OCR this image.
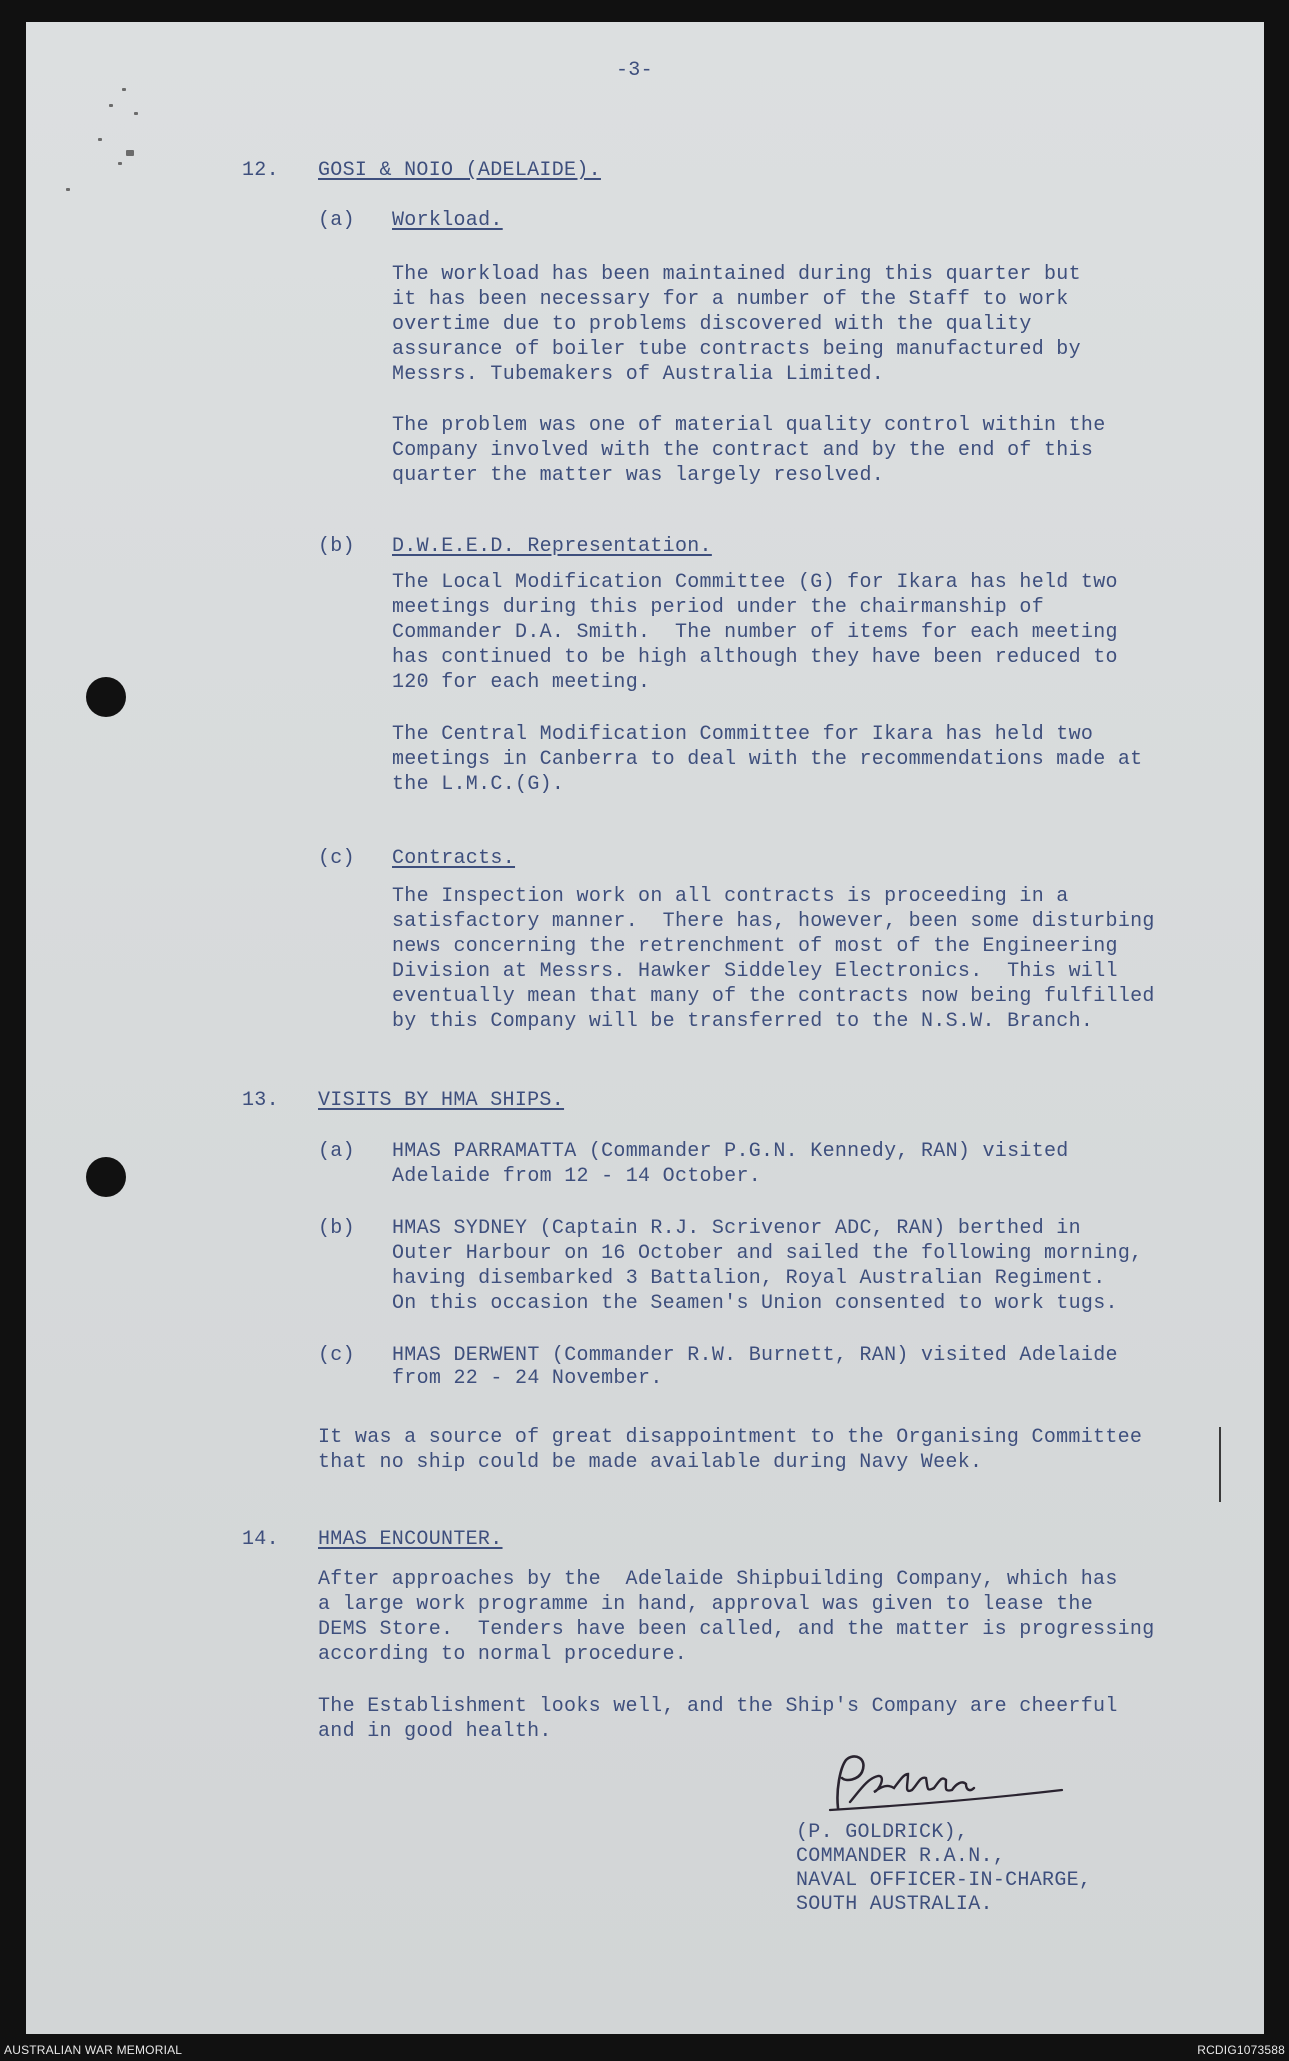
-3-

12. GOSI & NOIO (ADELAIDE).

(a) Workload.

The workload has been maintained during this quarter but

it has been necessary for a number of the Staff to work

overtime due to problems discovered with the quality

assurance of boiler tube contracts being manufactured by

Messrs. Tubemakers of Australia Limited.

The problem was one of material quality control within the

Company involved with the contract and by the end of this

quarter the matter was largely resolved.

(b) D.W.E.E.D. Representation.

The Local Modification Committee (G) for Ikara has held two

meetings during this period under the chairmanship of

Commander D.A. Smith.  The number of items for each meeting

has continued to be high although they have been reduced to

120 for each meeting.

The Central Modification Committee for Ikara has held two

meetings in Canberra to deal with the recommendations made at

the L.M.C.(G).

(c) Contracts.

The Inspection work on all contracts is proceeding in a

satisfactory manner.  There has, however, been some disturbing

news concerning the retrenchment of most of the Engineering

Division at Messrs. Hawker Siddeley Electronics.  This will

eventually mean that many of the contracts now being fulfilled

by this Company will be transferred to the N.S.W. Branch.

13. VISITS BY HMA SHIPS.

(a) HMAS PARRAMATTA (Commander P.G.N. Kennedy, RAN) visited

Adelaide from 12 - 14 October.

(b) HMAS SYDNEY (Captain R.J. Scrivenor ADC, RAN) berthed in

Outer Harbour on 16 October and sailed the following morning,

having disembarked 3 Battalion, Royal Australian Regiment.

On this occasion the Seamen's Union consented to work tugs.

(c) HMAS DERWENT (Commander R.W. Burnett, RAN) visited Adelaide

from 22 - 24 November.

It was a source of great disappointment to the Organising Committee

that no ship could be made available during Navy Week.

14. HMAS ENCOUNTER.

After approaches by the  Adelaide Shipbuilding Company, which has

a large work programme in hand, approval was given to lease the

DEMS Store.  Tenders have been called, and the matter is progressing

according to normal procedure.

The Establishment looks well, and the Ship's Company are cheerful

and in good health.

(P. GOLDRICK),

COMMANDER R.A.N.,

NAVAL OFFICER-IN-CHARGE,

SOUTH AUSTRALIA.

AUSTRALIAN WAR MEMORIAL	RCDIG1073588
